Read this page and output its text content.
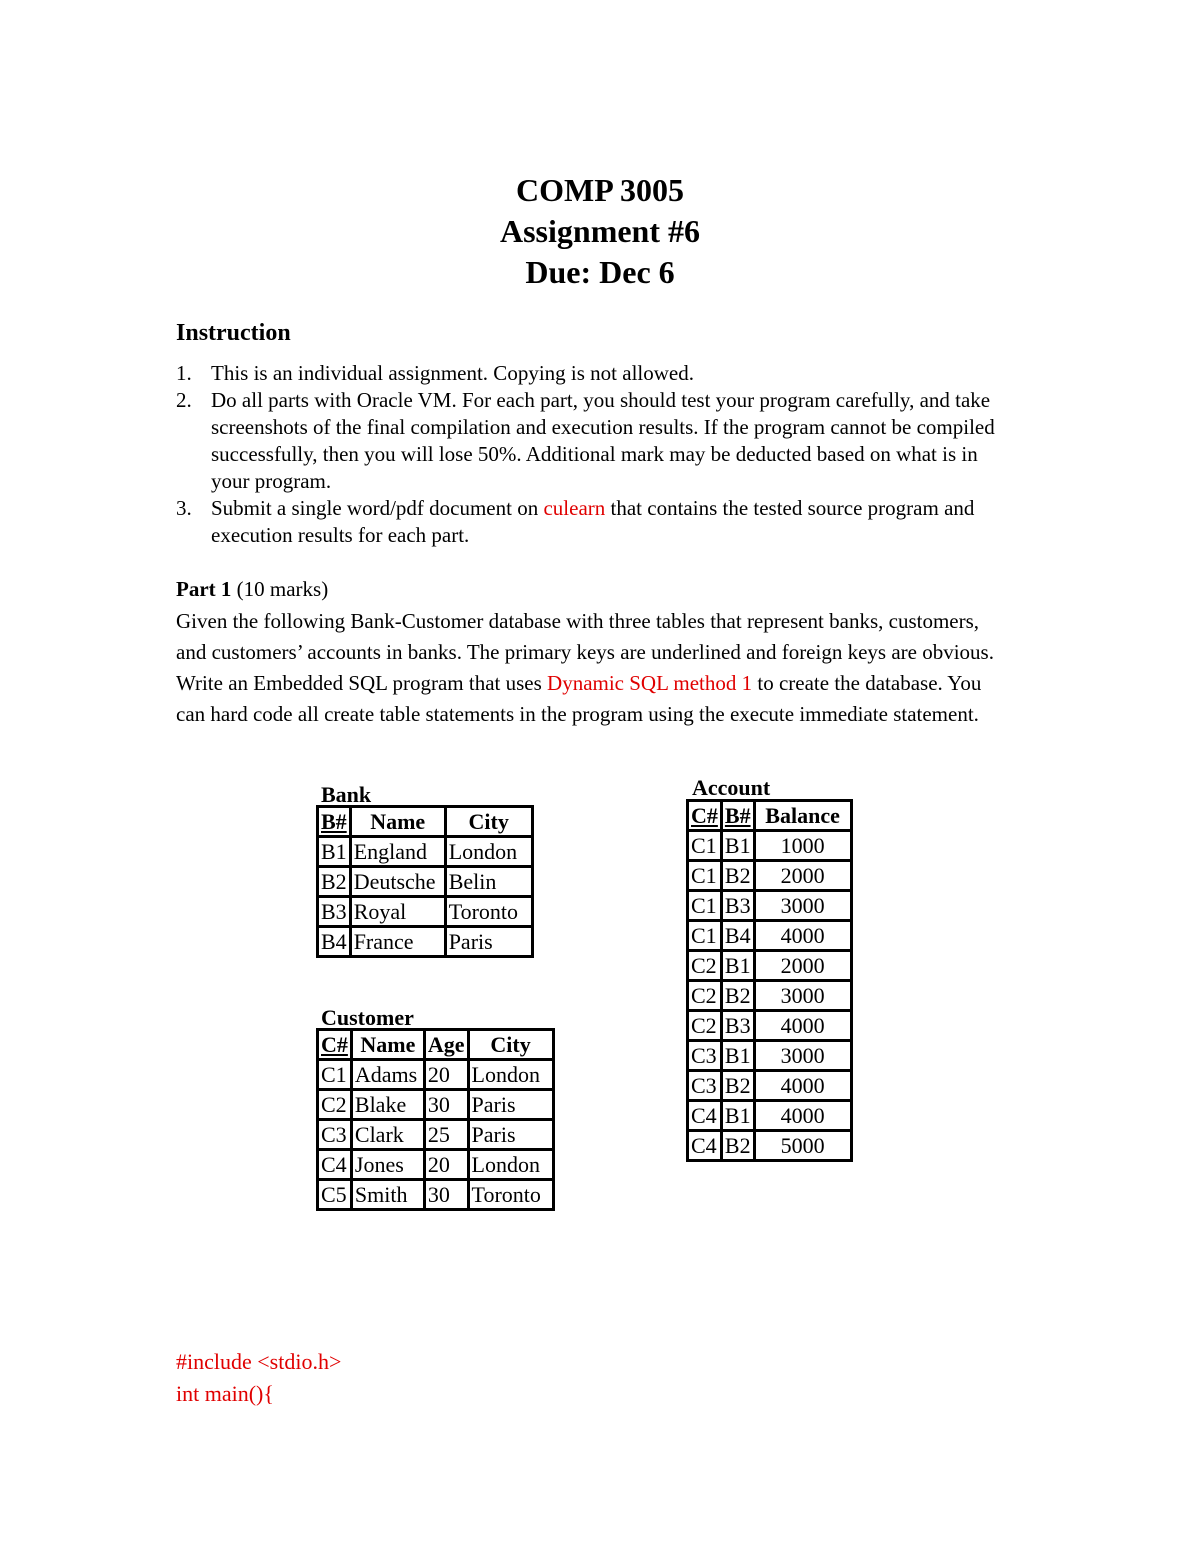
COMP 3005
Assignment #6
Due: Dec 6
Instruction
1. This is an individual assignment. Copying is not allowed.
2. Do all parts with Oracle VM. For each part, you should test your program carefully, and take screenshots of the final compilation and execution results. If the program cannot be compiled successfully, then you will lose 50%. Additional mark may be deducted based on what is in your program.
3. Submit a single word/pdf document on culearn that contains the tested source program and execution results for each part.
Part 1 (10 marks)
Given the following Bank-Customer database with three tables that represent banks, customers, and customers’ accounts in banks. The primary keys are underlined and foreign keys are obvious. Write an Embedded SQL program that uses Dynamic SQL method 1 to create the database. You can hard code all create table statements in the program using the execute immediate statement.
Bank
B#	Name	City
B1	England	London
B2	Deutsche	Belin
B3	Royal	Toronto
B4	France	Paris
Customer
C#	Name	Age	City
C1	Adams	20	London
C2	Blake	30	Paris
C3	Clark	25	Paris
C4	Jones	20	London
C5	Smith	30	Toronto
Account
C#	B#	Balance
C1	B1	1000
C1	B2	2000
C1	B3	3000
C1	B4	4000
C2	B1	2000
C2	B2	3000
C2	B3	4000
C3	B1	3000
C3	B2	4000
C4	B1	4000
C4	B2	5000
#include <stdio.h>
int main(){
